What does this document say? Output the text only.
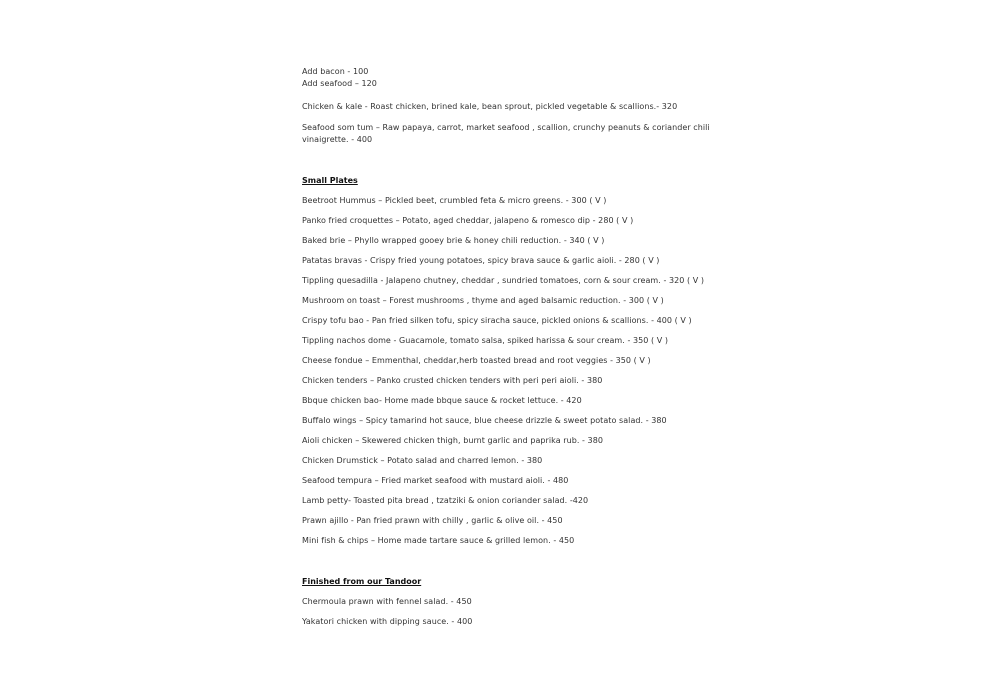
Add bacon - 100
Add seafood – 120
Chicken & kale - Roast chicken, brined kale, bean sprout, pickled vegetable & scallions.- 320
Seafood som tum – Raw papaya, carrot, market seafood , scallion, crunchy peanuts & coriander chili
vinaigrette. - 400
Small Plates
Beetroot Hummus – Pickled beet, crumbled feta & micro greens. - 300 ( V )
Panko fried croquettes – Potato, aged cheddar, jalapeno & romesco dip - 280 ( V )
Baked brie – Phyllo wrapped gooey brie & honey chili reduction. - 340 ( V )
Patatas bravas - Crispy fried young potatoes, spicy brava sauce & garlic aioli. - 280 ( V )
Tippling quesadilla - Jalapeno chutney, cheddar , sundried tomatoes, corn & sour cream. - 320 ( V )
Mushroom on toast – Forest mushrooms , thyme and aged balsamic reduction. - 300 ( V )
Crispy tofu bao - Pan fried silken tofu, spicy siracha sauce, pickled onions & scallions. - 400 ( V )
Tippling nachos dome - Guacamole, tomato salsa, spiked harissa & sour cream. - 350 ( V )
Cheese fondue – Emmenthal, cheddar,herb toasted bread and root veggies - 350 ( V )
Chicken tenders – Panko crusted chicken tenders with peri peri aioli. - 380
Bbque chicken bao- Home made bbque sauce & rocket lettuce. - 420
Buffalo wings – Spicy tamarind hot sauce, blue cheese drizzle & sweet potato salad. - 380
Aioli chicken – Skewered chicken thigh, burnt garlic and paprika rub. - 380
Chicken Drumstick – Potato salad and charred lemon. - 380
Seafood tempura – Fried market seafood with mustard aioli. - 480
Lamb petty- Toasted pita bread , tzatziki & onion coriander salad. -420
Prawn ajillo - Pan fried prawn with chilly , garlic & olive oil. - 450
Mini fish & chips – Home made tartare sauce & grilled lemon. - 450
Finished from our Tandoor
Chermoula prawn with fennel salad. - 450
Yakatori chicken with dipping sauce. - 400
